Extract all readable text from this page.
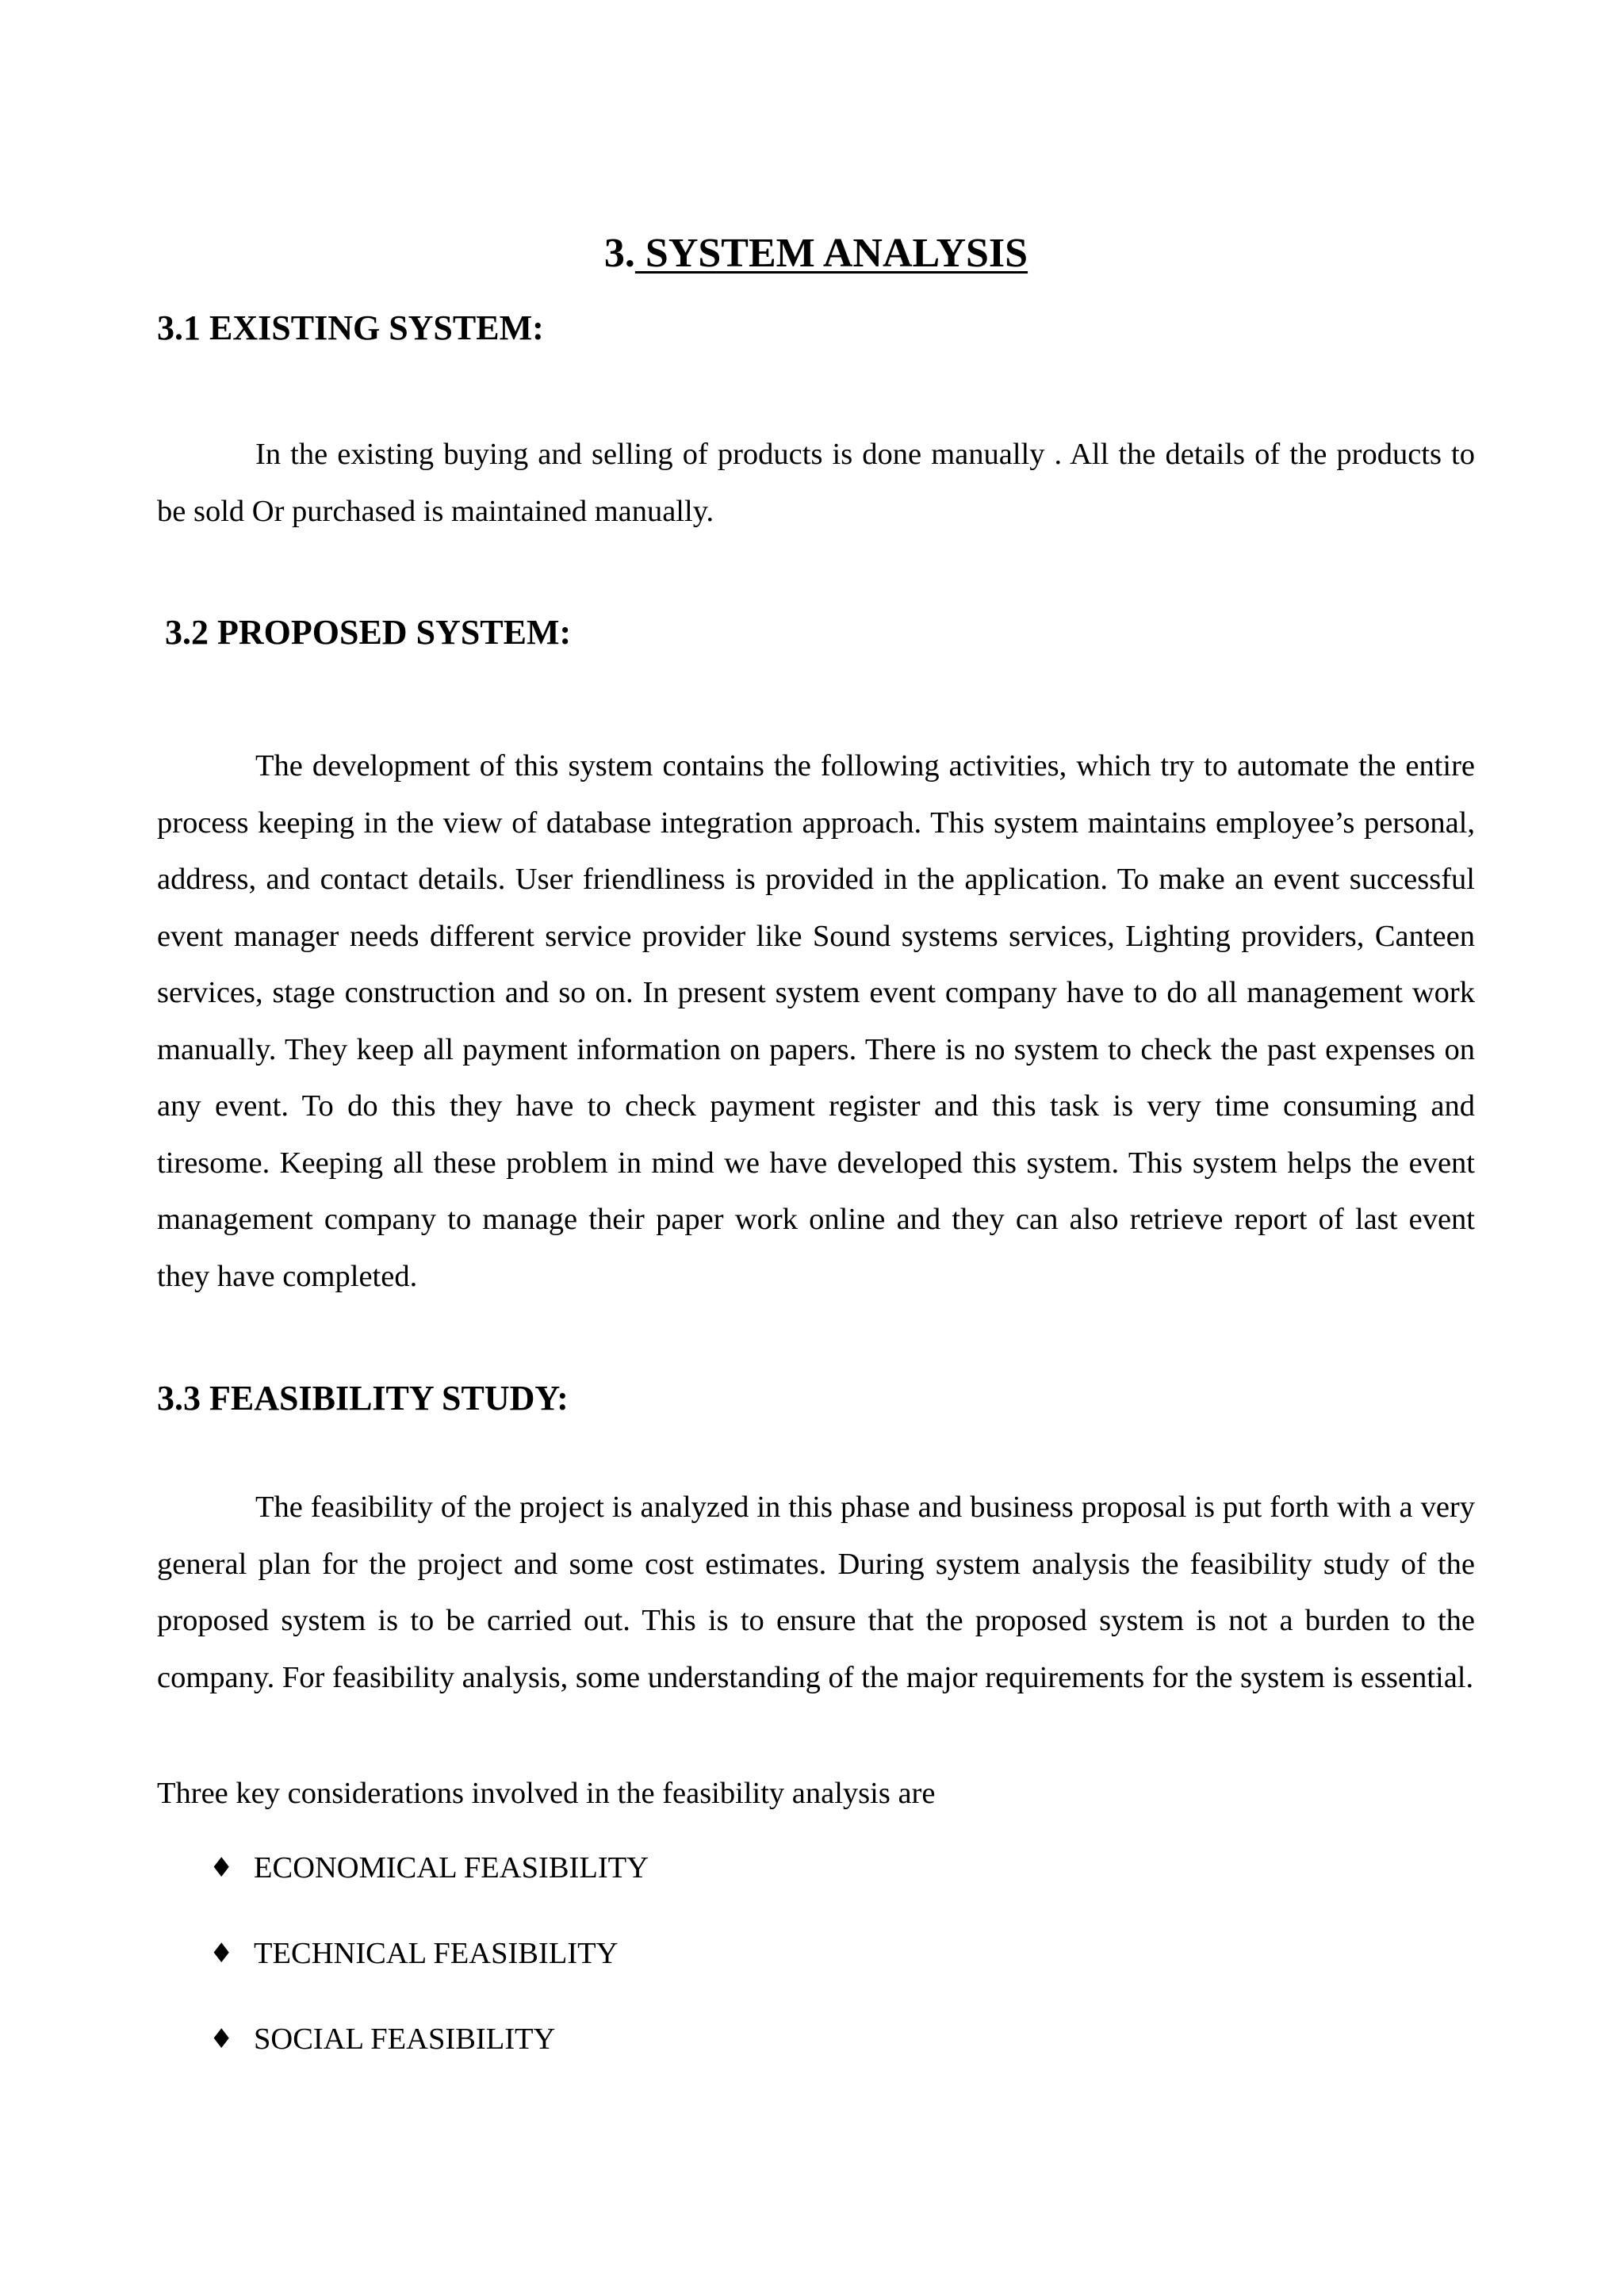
3. SYSTEM ANALYSIS
3.1 EXISTING SYSTEM:

In the existing buying and selling of products is done manually . All the details of the products to be sold Or purchased is maintained manually.

3.2 PROPOSED SYSTEM:

The development of this system contains the following activities, which try to automate the entire process keeping in the view of database integration approach. This system maintains employee’s personal, address, and contact details. User friendliness is provided in the application. To make an event successful event manager needs different service provider like Sound systems services, Lighting providers, Canteen services, stage construction and so on. In present system event company have to do all management work manually. They keep all payment information on papers. There is no system to check the past expenses on any event. To do this they have to check payment register and this task is very time consuming and tiresome. Keeping all these problem in mind we have developed this system. This system helps the event management company to manage their paper work online and they can also retrieve report of last event they have completed.

3.3 FEASIBILITY STUDY:

The feasibility of the project is analyzed in this phase and business proposal is put forth with a very general plan for the project and some cost estimates. During system analysis the feasibility study of the proposed system is to be carried out. This is to ensure that the proposed system is not a burden to the company. For feasibility analysis, some understanding of the major requirements for the system is essential.

Three key considerations involved in the feasibility analysis are

♦ ECONOMICAL FEASIBILITY
♦ TECHNICAL FEASIBILITY
♦ SOCIAL FEASIBILITY
